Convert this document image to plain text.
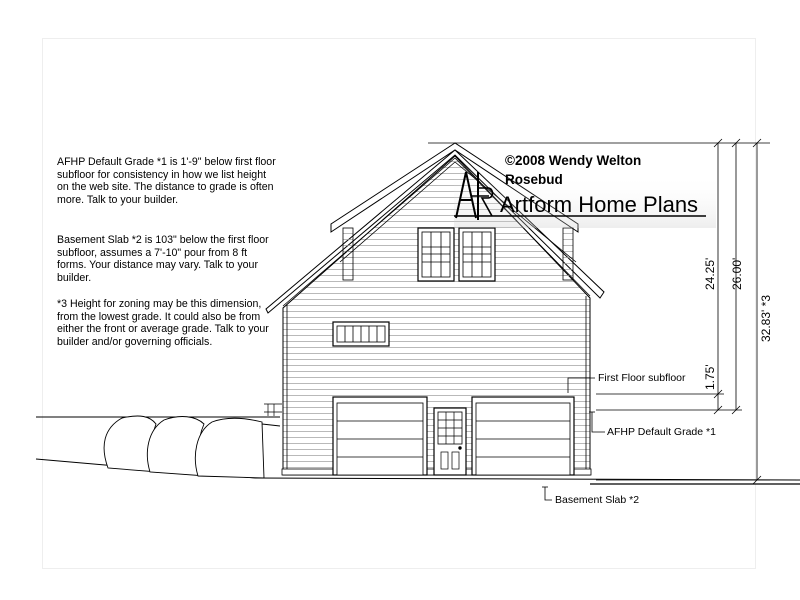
AFHP Default Grade *1 is 1'-9" below first floor subfloor for consistency in how we list height on the web site. The distance to grade is often more. Talk to your builder.
Basement Slab *2 is 103" below the first floor subfloor, assumes a 7'-10" pour from 8 ft forms. Your distance may vary. Talk to your builder.
*3 Height for zoning may be this dimension, from the lowest grade. It could also be from either the front or average grade. Talk to your builder and/or governing officials.
©2008 Wendy Welton
Rosebud
Artform Home Plans
First Floor subfloor
AFHP Default Grade *1
Basement Slab *2
1.75'
24.25' 26.00'
32.83' *3
